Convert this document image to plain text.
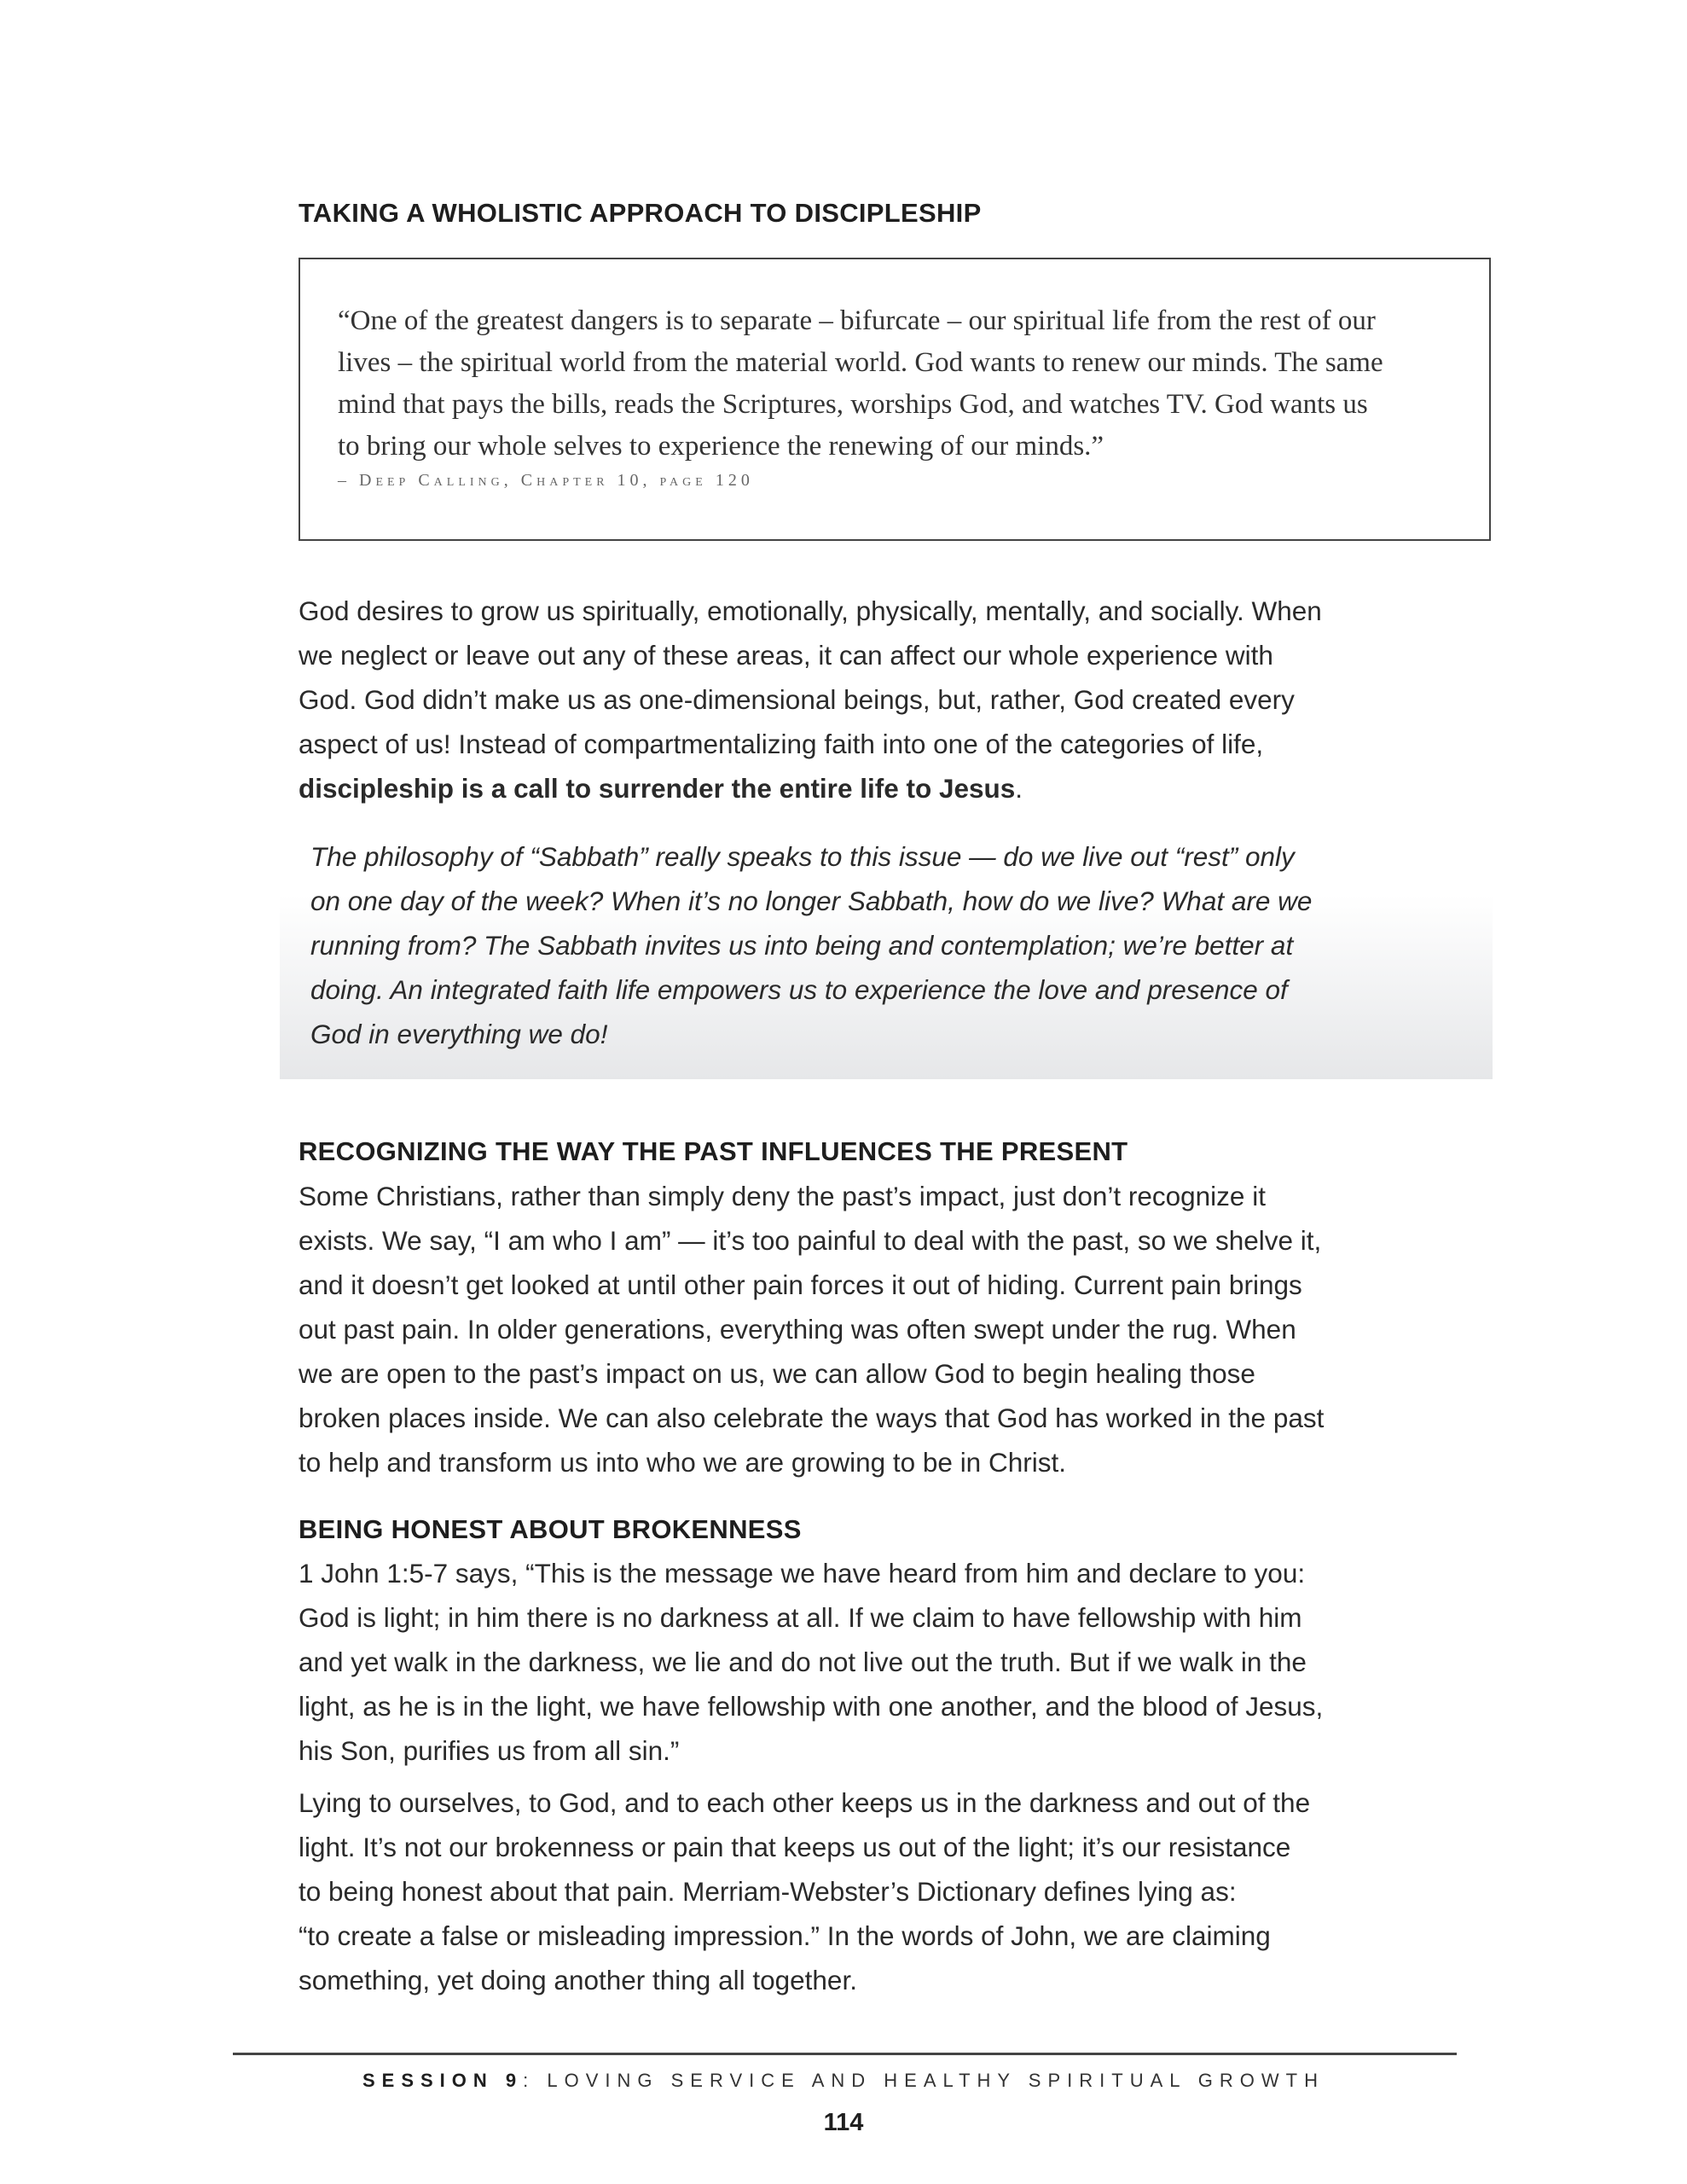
TAKING A WHOLISTIC APPROACH TO DISCIPLESHIP
“One of the greatest dangers is to separate – bifurcate – our spiritual life from the rest of our
lives – the spiritual world from the material world. God wants to renew our minds. The same
mind that pays the bills, reads the Scriptures, worships God, and watches TV. God wants us
to bring our whole selves to experience the renewing of our minds.”
– Deep Calling, Chapter 10, page 120
God desires to grow us spiritually, emotionally, physically, mentally, and socially. When
we neglect or leave out any of these areas, it can affect our whole experience with
God. God didn’t make us as one-dimensional beings, but, rather, God created every
aspect of us! Instead of compartmentalizing faith into one of the categories of life,
discipleship is a call to surrender the entire life to Jesus.
The philosophy of “Sabbath” really speaks to this issue — do we live out “rest” only
on one day of the week? When it’s no longer Sabbath, how do we live? What are we
running from? The Sabbath invites us into being and contemplation; we’re better at
doing. An integrated faith life empowers us to experience the love and presence of
God in everything we do!
RECOGNIZING THE WAY THE PAST INFLUENCES THE PRESENT
Some Christians, rather than simply deny the past’s impact, just don’t recognize it
exists. We say, “I am who I am” — it’s too painful to deal with the past, so we shelve it,
and it doesn’t get looked at until other pain forces it out of hiding. Current pain brings
out past pain. In older generations, everything was often swept under the rug. When
we are open to the past’s impact on us, we can allow God to begin healing those
broken places inside. We can also celebrate the ways that God has worked in the past
to help and transform us into who we are growing to be in Christ.
BEING HONEST ABOUT BROKENNESS
1 John 1:5-7 says, “This is the message we have heard from him and declare to you:
God is light; in him there is no darkness at all. If we claim to have fellowship with him
and yet walk in the darkness, we lie and do not live out the truth. But if we walk in the
light, as he is in the light, we have fellowship with one another, and the blood of Jesus,
his Son, purifies us from all sin.”
Lying to ourselves, to God, and to each other keeps us in the darkness and out of the
light. It’s not our brokenness or pain that keeps us out of the light; it’s our resistance
to being honest about that pain. Merriam-Webster’s Dictionary defines lying as:
“to create a false or misleading impression.” In the words of John, we are claiming
something, yet doing another thing all together.
SESSION 9: LOVING SERVICE AND HEALTHY SPIRITUAL GROWTH
114
